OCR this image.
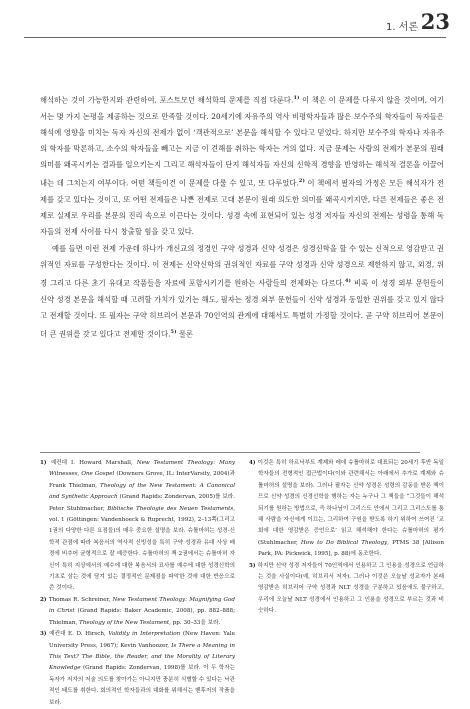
1. 서론 23

해석하는 것이 가능한지와 관련하여, 포스트모던 해석학의 문제를 직접 다룬다.$^{1)}$ 이 책은 이 문제를 다루지 않을 것이며, 여기서는 몇 가지 논평을 제공하는 것으로 만족할 것이다. 20세기에 자유주의 역사 비평학자들과 많은 보수주의 학자들이 독자들은 해석에 영향을 미치는 독자 자신의 전제가 없이 ‘객관적으로’ 본문을 해석할 수 있다고 믿었다. 하지만 보수주의 학자나 자유주의 학자를 막론하고, 소수의 학자들을 빼고는 지금 이 견해를 취하는 학자는 거의 없다. 지금 문제는 사람의 전제가 본문의 원래 의미를 왜곡시키는 결과를 일으키는지 그리고 해석자들이 단지 해석자들 자신의 신학적 경향을 반영하는 해석적 결론을 이끌어 내는 데 그치는지 여부이다. 어떤 책들이건 이 문제를 다룰 수 있고, 또 다루었다.$^{2)}$ 이 책에서 필자의 가정은 모든 해석자가 전제를 갖고 있다는 것이고, 또 어떤 전제들은 나쁜 전제로 고대 본문이 원래 의도한 의미를 왜곡시키지만, 다른 전제들은 좋은 전제로 실제로 우리를 본문의 진리 속으로 이끈다는 것이다. 성경 속에 표현되어 있는 성경 저자들 자신의 전제는 성령을 통해 독자들의 전제 사이를 다시 창출할 힘을 갖고 있다.

예를 들면 이런 전제 가운데 하나가 개신교의 정경인 구약 성경과 신약 성경은 성경신학을 할 수 있는 신적으로 영감받고 권위적인 자료를 구성한다는 것이다. 이 전제는 신약신학의 권위적인 자료를 구약 성경과 신약 성경으로 제한하지 않고, 외경, 위경 그리고 다른 초기 유대교 작품들을 자료에 포함시키기를 원하는 사람들의 전제와는 다르다.$^{4)}$ 비록 이 성경 외부 문헌들이 신약 성경 본문을 해석할 때 고려할 가치가 있기는 해도, 필자는 정경 외부 문헌들이 신약 성경과 동일한 권위를 갖고 있지 않다고 전제할 것이다. 또 필자는 구약 히브리어 본문과 70인역의 관계에 대해서도 특별히 가정할 것이다. 곧 구약 히브리어 본문이 더 큰 권위를 갖고 있다고 전제할 것이다.$^{5)}$ 물론

1) 예컨대 I. Howard Marshall, New Testament Theology: Many Witnesses, One Gospel (Downers Grove, IL: InterVarsity, 2004)과 Frank Thielman, Theology of the New Testament: A Canonical and Synthetic Approach (Grand Rapids: Zondervan, 2005)를 보라. Peter Stuhlmacher, Biblische Theologie des Neuen Testaments, vol. 1 (Göttingen: Vandenhoeck & Ruprecht, 1992), 2–13쪽(그리고 1권의 다양한 다른 요점들)의 매우 중요한 설명을 보라. 슈툴마허는 성경-신학적 관점에 따라 복음서의 역사적 신빙성을 특히 구약 성경과 유대 사상 배경에 비추어 균형적으로 잘 예증한다. 슈툴마허의 책 2권에서는 슈툴마허 자신이 특히 지상에서의 예수에 대한 복음서의 묘사를 예수에 대한 성경신학의 기초로 삼는 것에 담겨 있는 결정적인 문제점을 파악한 것에 대한 반응으로 쓴 것이다.

2) Thomas R. Schreiner, New Testament Theology: Magnifying God in Christ (Grand Rapids: Baker Academic, 2008), pp. 882–888; Thielman, Theology of the New Testament, pp. 30–33을 보라.

3) 예컨대 E. D. Hirsch, Validity in Interpretation (New Haven: Yale University Press, 1967); Kevin Vanhoozer, Is There a Meaning in This Text? The Bible, the Reader, and the Morality of Literary Knowledge (Grand Rapids: Zondervan, 1998)를 보라. 이 두 학자는 독자가 저자의 저술 의도를 찾아가는 아니지만 충분히 식별할 수 있다는 낙관적인 태도를 취한다. 회의적인 학자들과의 대화를 위해서는 벤후저의 작품을 보라.

4) 이것은 특히 하르낙부트 계제와 레데 슈톨마허로 대표되는 20세기 후반 독일 학자들의 전형적인 접근법이다(이와 관련해서는 아래에서 추가로 계제와 슈톨마허의 설명을 보라). 그러나 필자는 신약 성경은 성령의 감동을 받은 책이므로 신약 성경의 신경신학을 행하는 자는 누구나 그 책들을 “그것들이 해석되기를 원하는 방법으로, 즉 하나님이 그리스도 안에서 그리고 그리스도를 통해 사람을 자신에게 이끄는, 그리하여 구원을 받도록 하기 위하여 쓰여진 ‘교회에 대한 영감받은 증언으로’ 읽고 해석해야 한다는 슈톨마허의 평가(Stuhlmacher, How to Do Biblical Theology, PTMS 38 [Allison Park, PA: Pickwick, 1995], p. 88)에 동조한다.

5) 하지만 신약 성경 저자들이 70인역에서 인용하고 그 인용을 성경으로 언급하는 것을 사실이다(예, 히브리서 저자). 그러나 이것은 오늘날 성교자가 본래 영감받은 히브리어 구약 성경과 NLT 성경을 구분하고 있음에도 불구하고, 우리에 오늘날 NLT 성경에서 인용하고 그 인용을 성경으로 부르는 것과 비슷하다.
